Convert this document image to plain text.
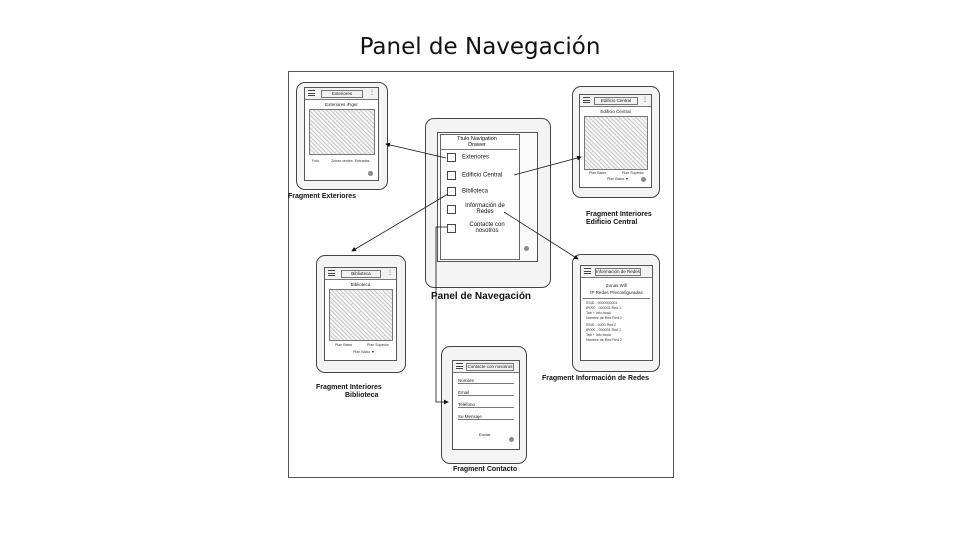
Panel de Navegación
Ttulo Navigation Drawer
Exteriores
Edificio Central
Biblioteca
Información de Redes
Contacte con nosotros
Panel de Navegación
Exteriores	⋮
Exteriores iFiger
Foto	Zonas verdes Entradas
Fragment Exteriores
Edificio Central	⋮
Edificio Central
Plan Baixo	Plan Superior
Plan Baixo ▼
Fragment Interiores
Edificio Central
Biblioteca	⋮
Biblioteca
Plan Baixo	Plan Superior
Plan Baixo ▼
Fragment Interiores
Biblioteca
Información de Redes
Zonas Wifi
IP Redes Preconfiguradas
SSID - 0000000001
IP000 - 000001 Red 1
Tab + info block
Nombre de Red Red 1
SSID - 0000 Red 2
IP000 - 000001 Red 2
Tab + info block
Nombre de Red Red 2
Fragment Información de Redes
Contacte con nosotros
Nombre
Email
Teléfono
Su Mensaje
Enviar
Fragment Contacto
